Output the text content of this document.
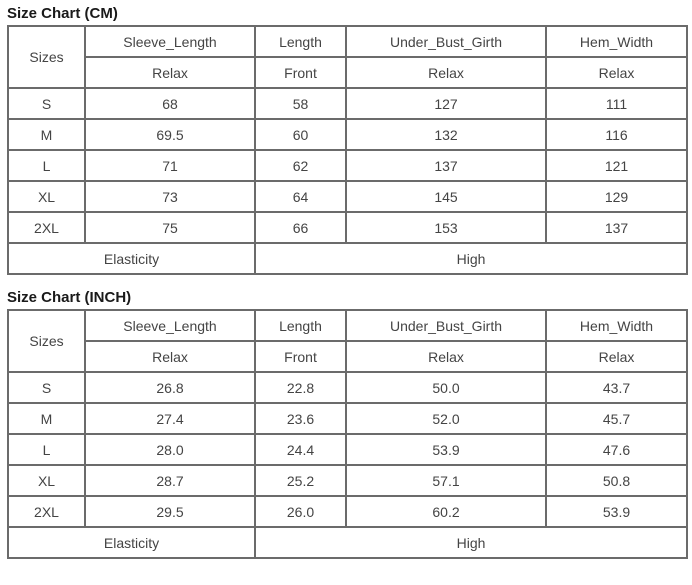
Size Chart (CM)
Sizes	Sleeve_Length	Length	Under_Bust_Girth	Hem_Width
	Relax	Front	Relax	Relax
S	68	58	127	111
M	69.5	60	132	116
L	71	62	137	121
XL	73	64	145	129
2XL	75	66	153	137
Elasticity		High		
Size Chart (INCH)
Sizes	Sleeve_Length	Length	Under_Bust_Girth	Hem_Width
	Relax	Front	Relax	Relax
S	26.8	22.8	50.0	43.7
M	27.4	23.6	52.0	45.7
L	28.0	24.4	53.9	47.6
XL	28.7	25.2	57.1	50.8
2XL	29.5	26.0	60.2	53.9
Elasticity		High		
